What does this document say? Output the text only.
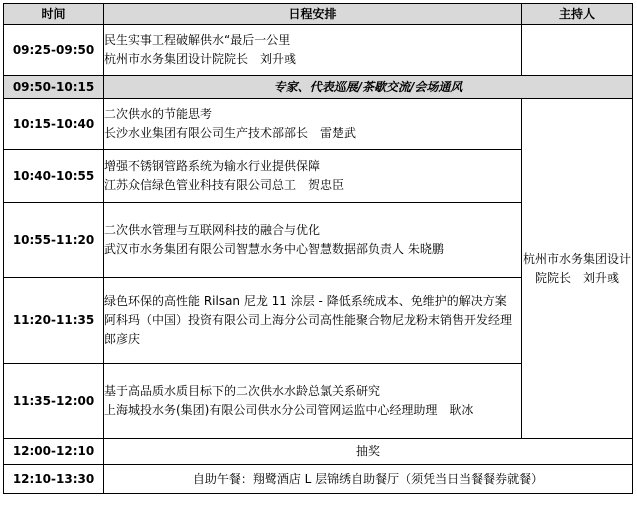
时间	日程安排	主持人
09:25-09:50	民生实事工程破解供水“最后一公里
杭州市水务集团设计院院长　刘升彧	

09:50-10:15	专家、代表巡展/茶歇交流/会场通风	
10:15-10:40	二次供水的节能思考
长沙水业集团有限公司生产技术部部长　雷楚武	杭州市水务集团设计院院长　刘升彧
10:40-10:55	增强不锈钢管路系统为输水行业提供保障
江苏众信绿色管业科技有限公司总工　贺忠臣	

10:55-11:20	二次供水管理与互联网科技的融合与优化
武汉市水务集团有限公司智慧水务中心智慧数据部负责人 朱晓鹏	

11:20-11:35	绿色环保的高性能 Rilsan 尼龙 11 涂层 - 降低系统成本、免维护的解决方案
阿科玛（中国）投资有限公司上海分公司高性能聚合物尼龙粉末销售开发经理　郎彦庆	

11:35-12:00	基于高品质水质目标下的二次供水水龄总氯关系研究
上海城投水务(集团)有限公司供水分公司管网运监中心经理助理　耿冰	

12:00-12:10	抽奖	
12:10-13:30	自助午餐：翔鹭酒店 L 层锦绣自助餐厅（须凭当日当餐餐券就餐）	
